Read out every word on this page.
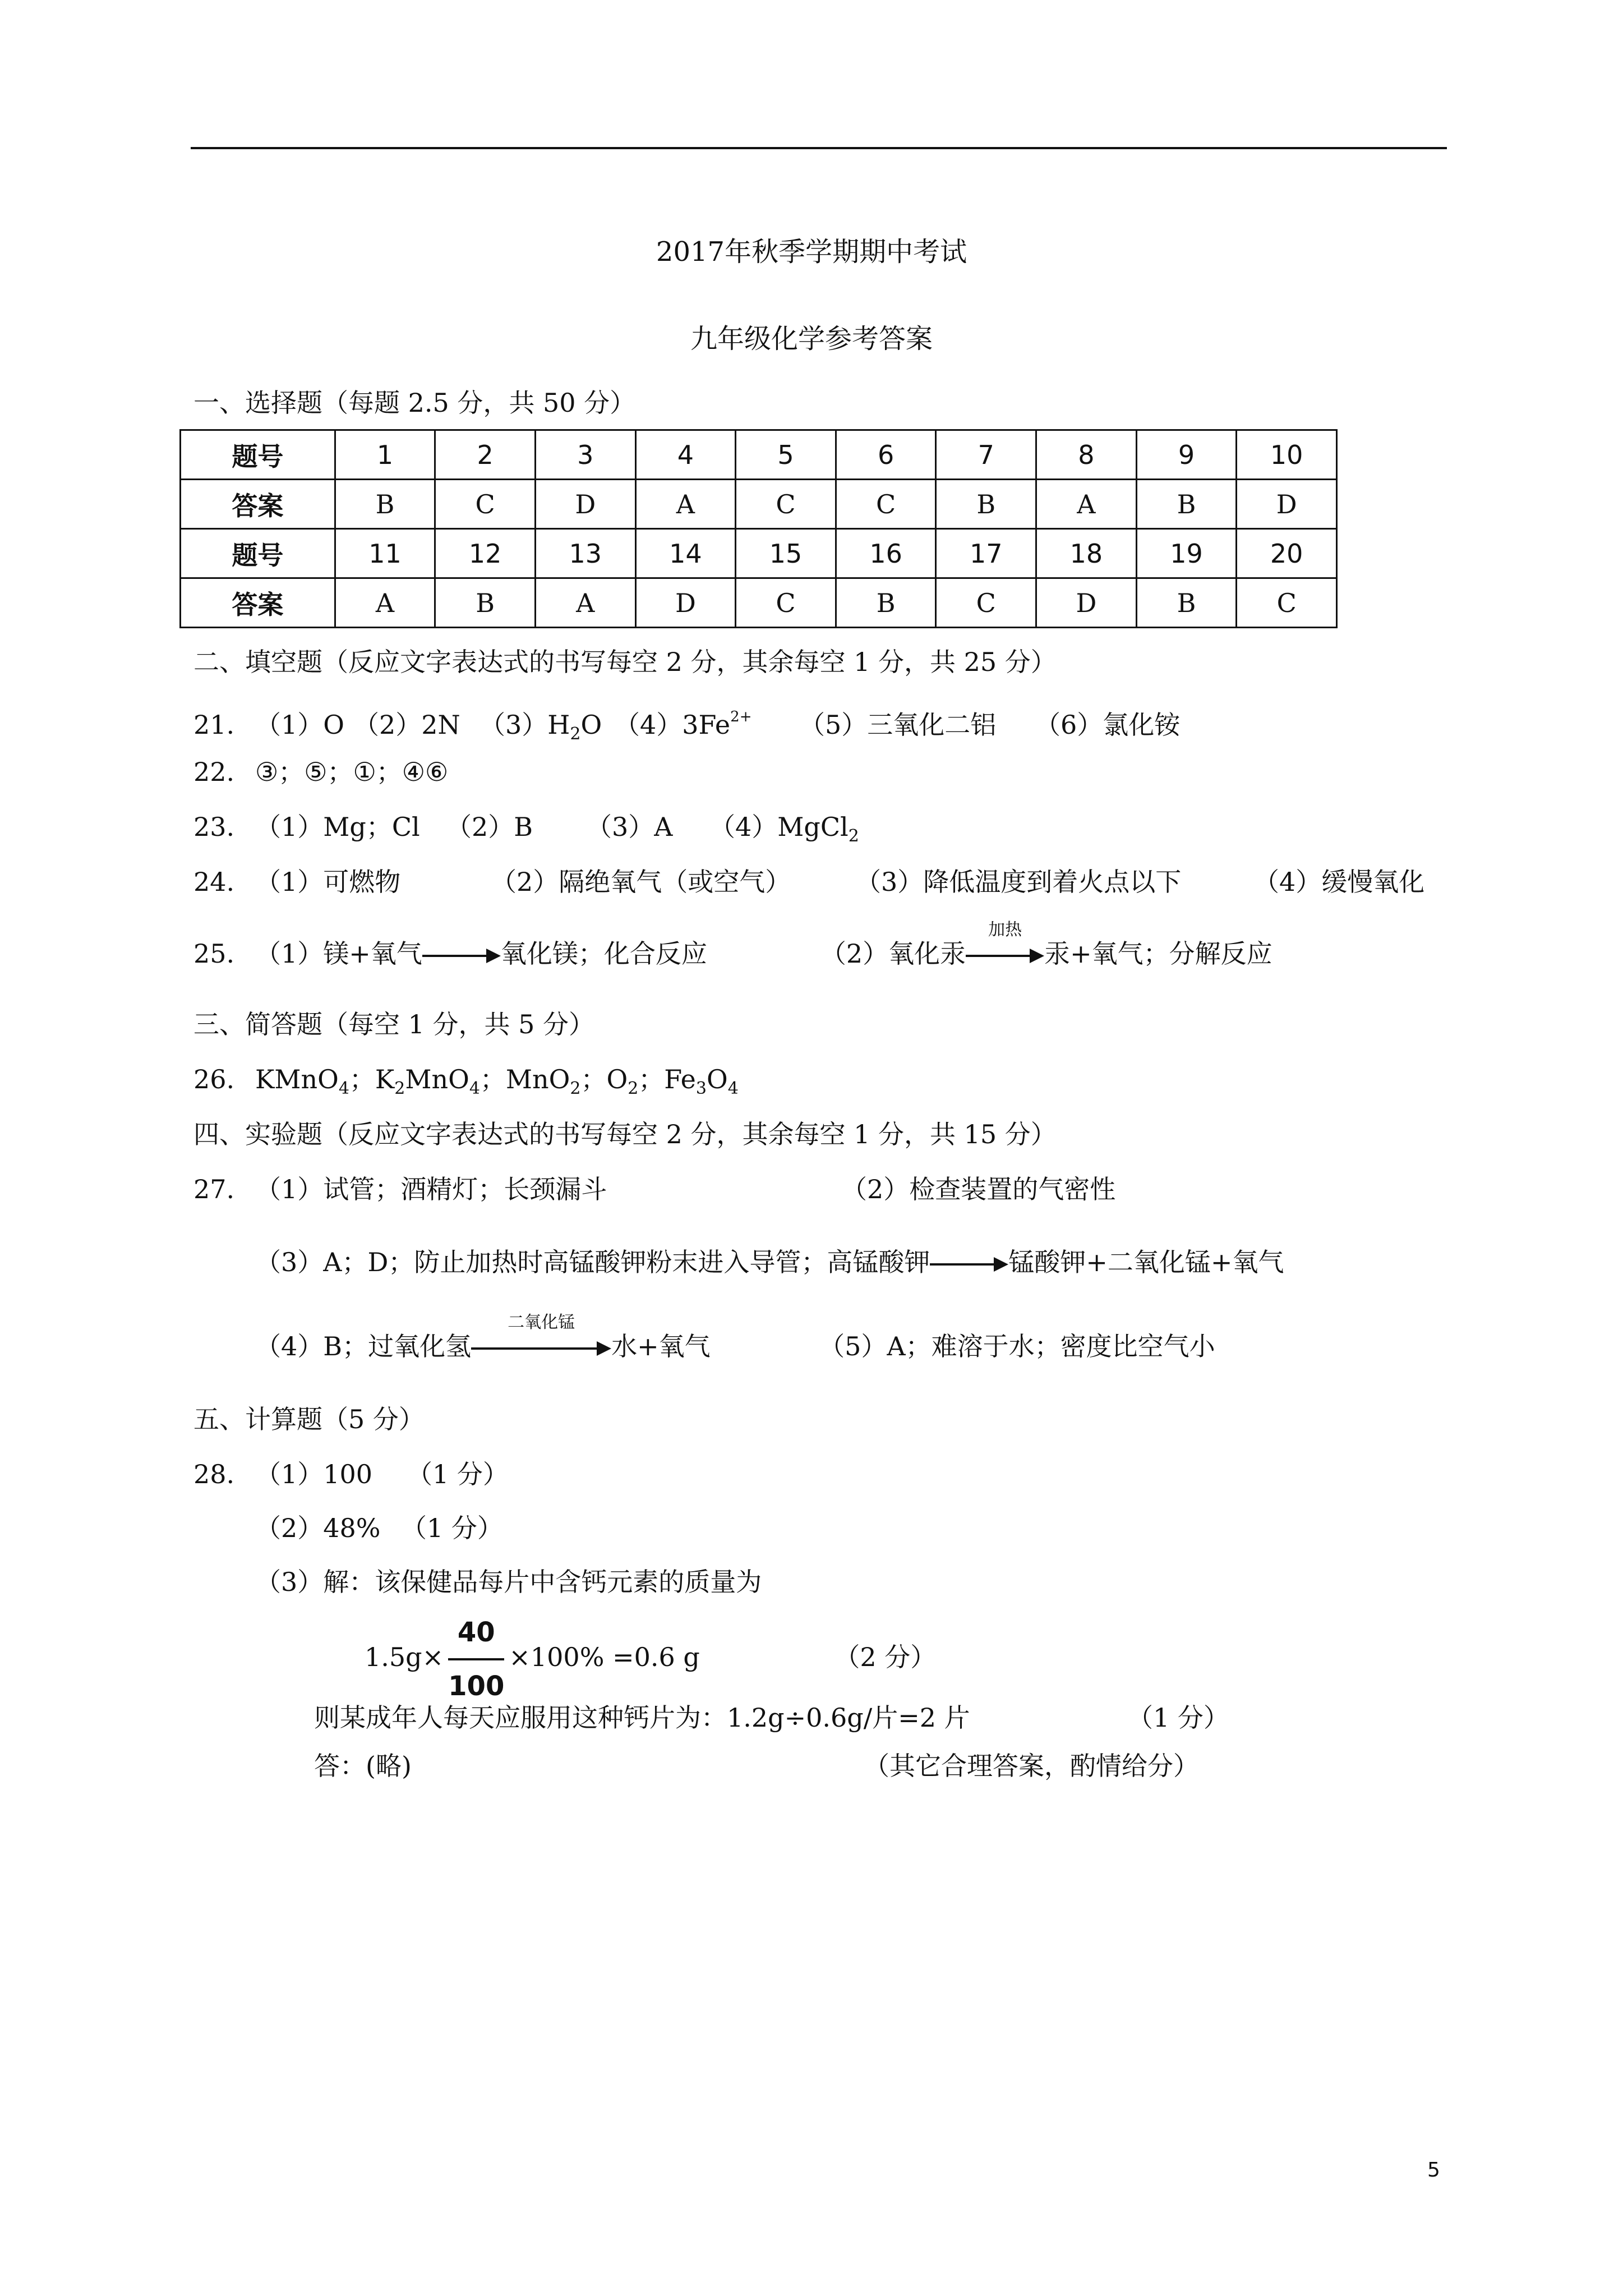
2017年秋季学期期中考试
九年级化学参考答案
一、选择题（每题 2.5 分，共 50 分）
题号	1	2	3	4	5	6	7	8	9	10
答案	B	C	D	A	C	C	B	A	B	D
题号	11	12	13	14	15	16	17	18	19	20
答案	A	B	A	D	C	B	C	D	B	C
二、填空题（反应文字表达式的书写每空 2 分，其余每空 1 分，共 25 分）
21. （1）O （2）2N $(3)H_2O$ $(4)3Fe^{2+}$ （5）三氧化二铝 （6）氯化铵
22. ③；⑤；①；④⑥
23. （1）Mg；Cl （2）B （3）A （4）MgCl$_2$
24. （1）可燃物	（2）隔绝氧气（或空气） （3）降低温度到着火点以下	（4）缓慢氧化
25. （1）镁+氧气	氧化镁；化合反应	（2）氧化汞
加热
汞+氧气；分解反应
三、简答题（每空 1 分，共 5 分）
26. KMnO$_4$；$K_2MnO_4$；MnO$_2$；$O_2$；$Fe_3O_4$
四、实验题（反应文字表达式的书写每空 2 分，其余每空 1 分，共 15 分）
27. （1）试管；酒精灯；长颈漏斗	（2）检查装置的气密性
（3）A；D；防止加热时高锰酸钾粉末进入导管；高锰酸钾	锰酸钾+二氧化锰+氧气
（4）B；过氧化氢
二氧化锰
水+氧气	（5）A；难溶于水；密度比空气小
五、计算题（5 分）
28. （1）100 （1 分）
（2）48% （1 分）
（3）解：该保健品每片中含钙元素的质量为
$1.5g\times \frac{40}{100} \times 100\% =0.6$ g	（2 分）
则某成年人每天应服用这种钙片为：1.2g÷0.6g/片=2 片	（1 分）
答：(略)	（其它合理答案，酌情给分）
5
